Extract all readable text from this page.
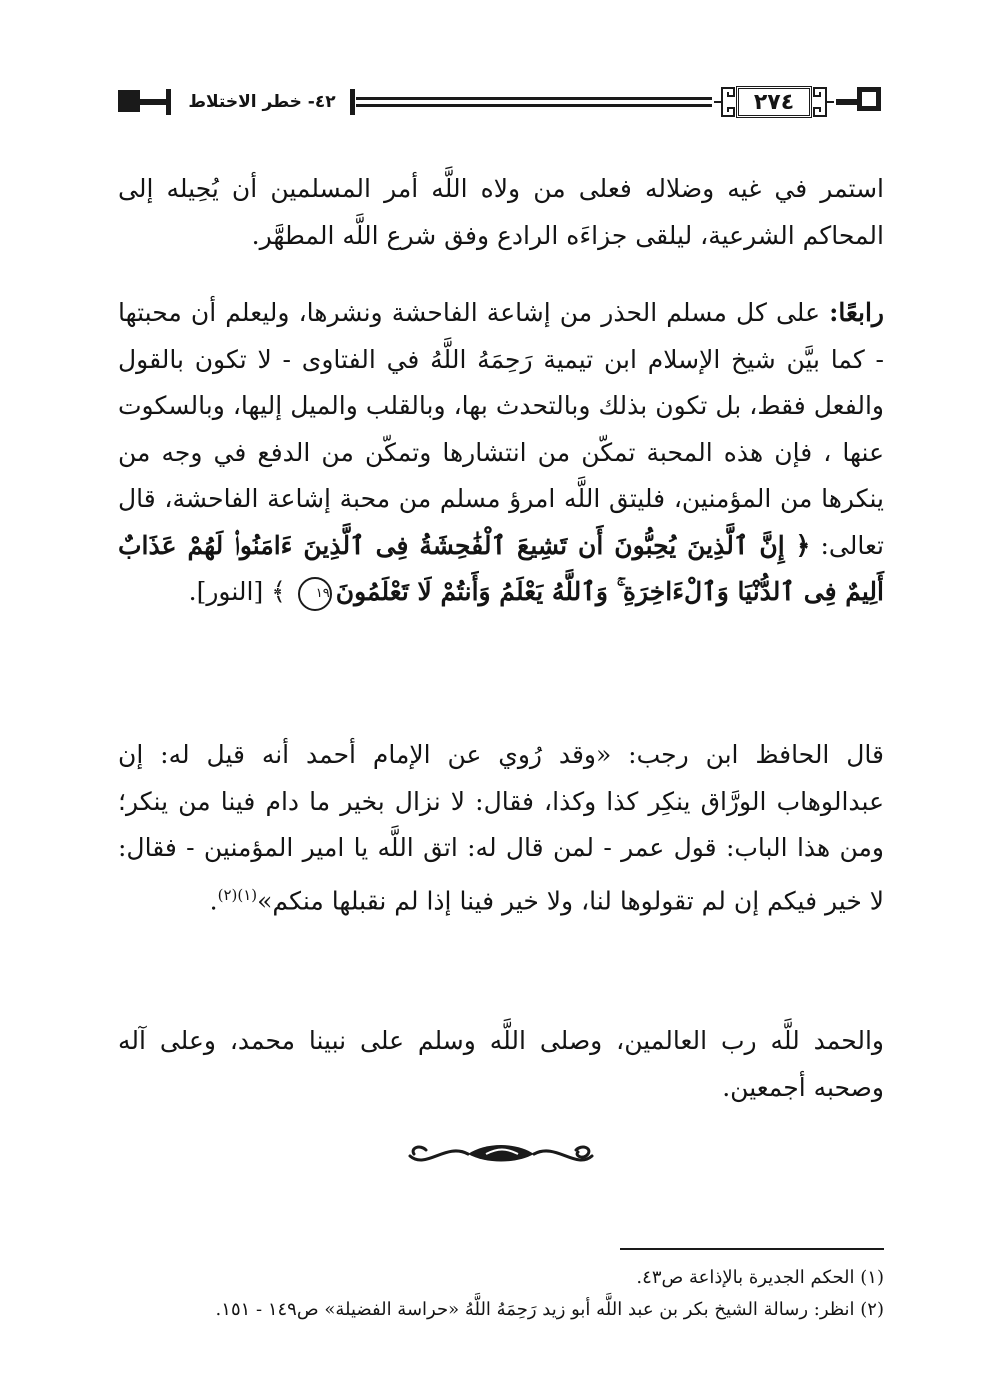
٤٢- خطر الاختلاط	٢٧٤

استمر في غيه وضلاله فعلى من ولاه اللَّه أمر المسلمين أن يُحِيله إلى المحاكم الشرعية، ليلقى جزاءَه الرادع وفق شرع اللَّه المطهَّر.

رابعًا: على كل مسلم الحذر من إشاعة الفاحشة ونشرها، وليعلم أن محبتها - كما بيَّن شيخ الإسلام ابن تيمية رَحِمَهُ اللَّهُ في الفتاوى - لا تكون بالقول والفعل فقط، بل تكون بذلك وبالتحدث بها، وبالقلب والميل إليها، وبالسكوت عنها ، فإن هذه المحبة تمكّن من انتشارها وتمكّن من الدفع في وجه من ينكرها من المؤمنين، فليتق اللَّه امرؤ مسلم من محبة إشاعة الفاحشة، قال تعالى: ﴿ إِنَّ ٱلَّذِينَ يُحِبُّونَ أَن تَشِيعَ ٱلْفَٰحِشَةُ فِى ٱلَّذِينَ ءَامَنُوا۟ لَهُمْ عَذَابٌ أَلِيمٌ فِى ٱلدُّنْيَا وَٱلْءَاخِرَةِ ۚ وَٱللَّهُ يَعْلَمُ وَأَنتُمْ لَا تَعْلَمُونَ١٩ ﴾ [النور].

قال الحافظ ابن رجب: «وقد رُوي عن الإمام أحمد أنه قيل له: إن عبدالوهاب الورَّاق ينكِر كذا وكذا، فقال: لا نزال بخير ما دام فينا من ينكر؛ ومن هذا الباب: قول عمر - لمن قال له: اتق اللَّه يا امير المؤمنين - فقال: لا خير فيكم إن لم تقولوها لنا، ولا خير فينا إذا لم نقبلها منكم»$^{(١)(٢)}$.

والحمد للَّه رب العالمين، وصلى اللَّه وسلم على نبينا محمد، وعلى آله وصحبه أجمعين.

(١) الحكم الجديرة بالإذاعة ص٤٣.

(٢) انظر: رسالة الشيخ بكر بن عبد اللَّه أبو زيد رَحِمَهُ اللَّهُ «حراسة الفضيلة» ص١٤٩ - ١٥١.
